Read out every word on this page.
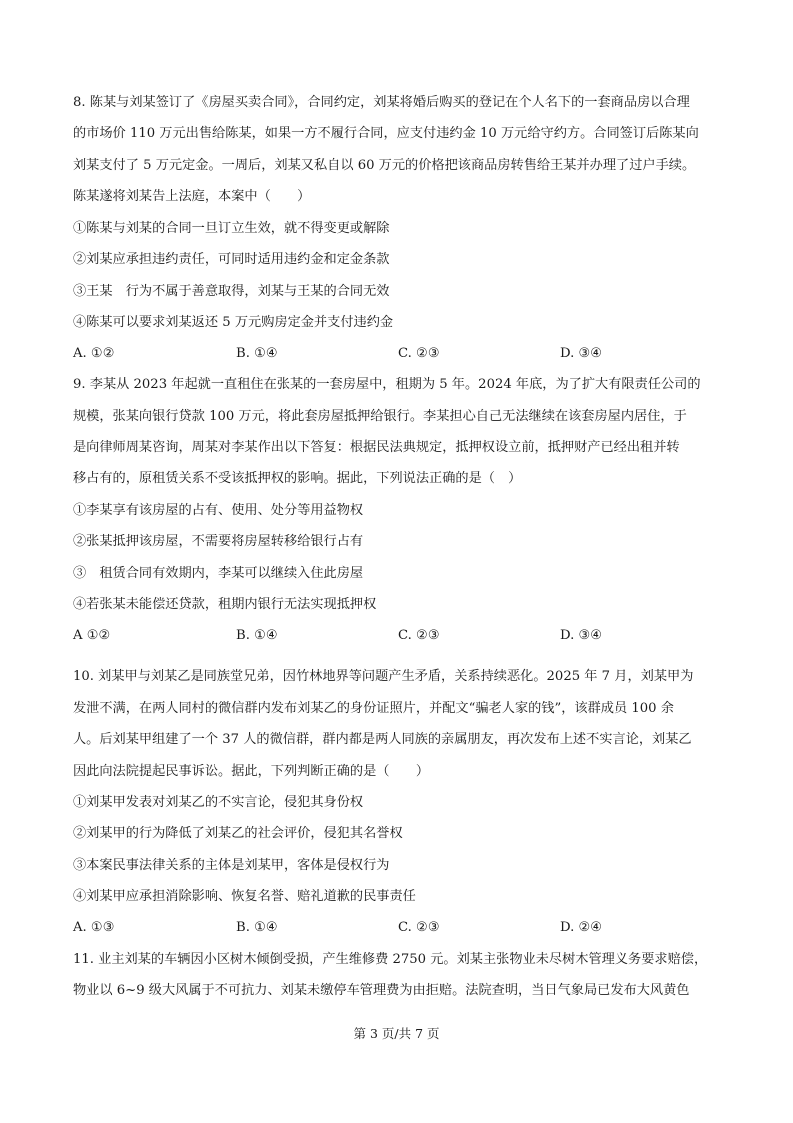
8. 陈某与刘某签订了《房屋买卖合同》，合同约定，刘某将婚后购买的登记在个人名下的一套商品房以合理
的市场价 110 万元出售给陈某，如果一方不履行合同，应支付违约金 10 万元给守约方。合同签订后陈某向
刘某支付了 5 万元定金。一周后，刘某又私自以 60 万元的价格把该商品房转售给王某并办理了过户手续。
陈某遂将刘某告上法庭，本案中（　　）
①陈某与刘某的合同一旦订立生效，就不得变更或解除
②刘某应承担违约责任，可同时适用违约金和定金条款
③王某　行为不属于善意取得，刘某与王某的合同无效
④陈某可以要求刘某返还 5 万元购房定金并支付违约金
A. ①②	B. ①④	C. ②③	D. ③④
9. 李某从 2023 年起就一直租住在张某的一套房屋中，租期为 5 年。2024 年底，为了扩大有限责任公司的
规模，张某向银行贷款 100 万元，将此套房屋抵押给银行。李某担心自己无法继续在该套房屋内居住，于
是向律师周某咨询，周某对李某作出以下答复：根据民法典规定，抵押权设立前，抵押财产已经出租并转
移占有的，原租赁关系不受该抵押权的影响。据此，下列说法正确的是（　）
①李某享有该房屋的占有、使用、处分等用益物权
②张某抵押该房屋，不需要将房屋转移给银行占有
③　租赁合同有效期内，李某可以继续入住此房屋
④若张某未能偿还贷款，租期内银行无法实现抵押权
A ①②	B. ①④	C. ②③	D. ③④
10. 刘某甲与刘某乙是同族堂兄弟，因竹林地界等问题产生矛盾，关系持续恶化。2025 年 7 月，刘某甲为
发泄不满，在两人同村的微信群内发布刘某乙的身份证照片，并配文“骗老人家的钱”，该群成员 100 余
人。后刘某甲组建了一个 37 人的微信群，群内都是两人同族的亲属朋友，再次发布上述不实言论，刘某乙
因此向法院提起民事诉讼。据此，下列判断正确的是（　　）
①刘某甲发表对刘某乙的不实言论，侵犯其身份权
②刘某甲的行为降低了刘某乙的社会评价，侵犯其名誉权
③本案民事法律关系的主体是刘某甲，客体是侵权行为
④刘某甲应承担消除影响、恢复名誉、赔礼道歉的民事责任
A. ①③	B. ①④	C. ②③	D. ②④
11. 业主刘某的车辆因小区树木倾倒受损，产生维修费 2750 元。刘某主张物业未尽树木管理义务要求赔偿，
物业以 6~9 级大风属于不可抗力、刘某未缴停车管理费为由拒赔。法院查明，当日气象局已发布大风黄色
第 3 页/共 7 页
